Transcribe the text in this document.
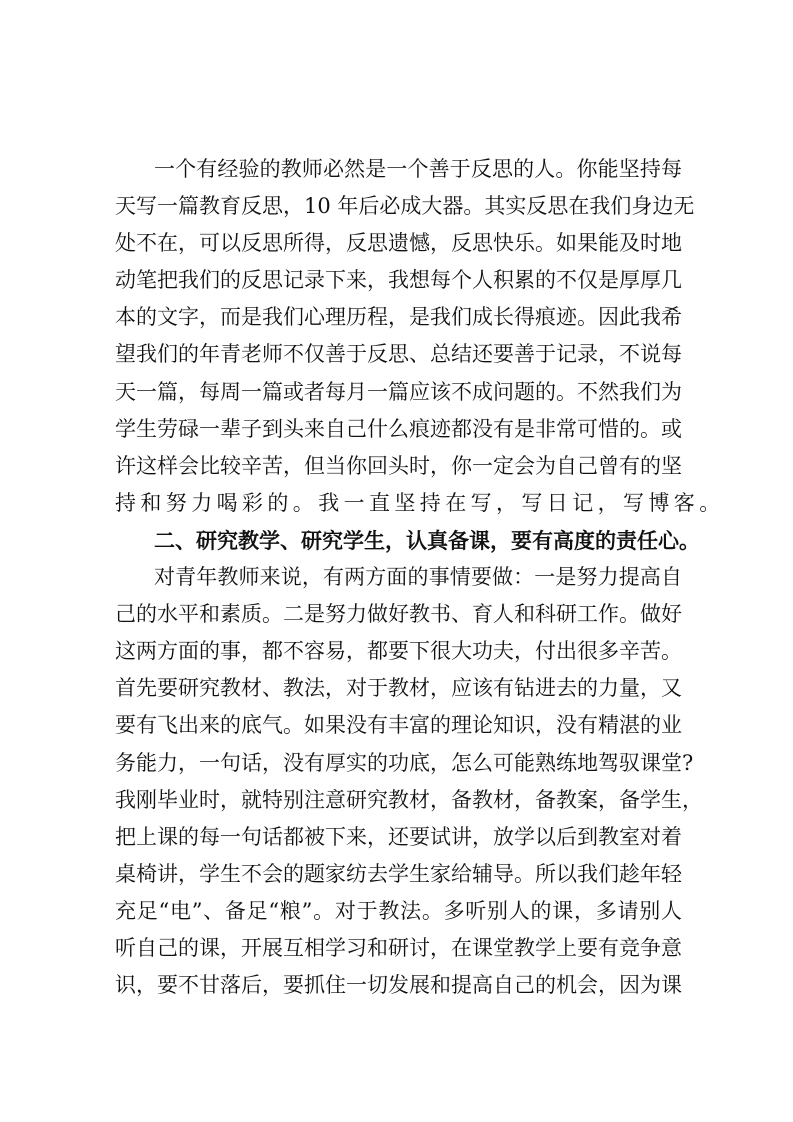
一个有经验的教师必然是一个善于反思的人。你能坚持每
天写一篇教育反思，10 年后必成大器。其实反思在我们身边无
处不在，可以反思所得，反思遗憾，反思快乐。如果能及时地
动笔把我们的反思记录下来，我想每个人积累的不仅是厚厚几
本的文字，而是我们心理历程，是我们成长得痕迹。因此我希
望我们的年青老师不仅善于反思、总结还要善于记录，不说每
天一篇，每周一篇或者每月一篇应该不成问题的。不然我们为
学生劳碌一辈子到头来自己什么痕迹都没有是非常可惜的。或
许这样会比较辛苦，但当你回头时，你一定会为自己曾有的坚
持和努力喝彩的。我一直坚持在写，写日记，写博客。
二、研究教学、研究学生，认真备课，要有高度的责任心。
对青年教师来说，有两方面的事情要做：一是努力提高自
己的水平和素质。二是努力做好教书、育人和科研工作。做好
这两方面的事，都不容易，都要下很大功夫，付出很多辛苦。
首先要研究教材、教法，对于教材，应该有钻进去的力量，又
要有飞出来的底气。如果没有丰富的理论知识，没有精湛的业
务能力，一句话，没有厚实的功底，怎么可能熟练地驾驭课堂?
我刚毕业时，就特别注意研究教材，备教材，备教案，备学生，
把上课的每一句话都被下来，还要试讲，放学以后到教室对着
桌椅讲，学生不会的题家纺去学生家给辅导。所以我们趁年轻
充足“电”、备足“粮”。对于教法。多听别人的课，多请别人
听自己的课，开展互相学习和研讨，在课堂教学上要有竞争意
识，要不甘落后，要抓住一切发展和提高自己的机会，因为课
